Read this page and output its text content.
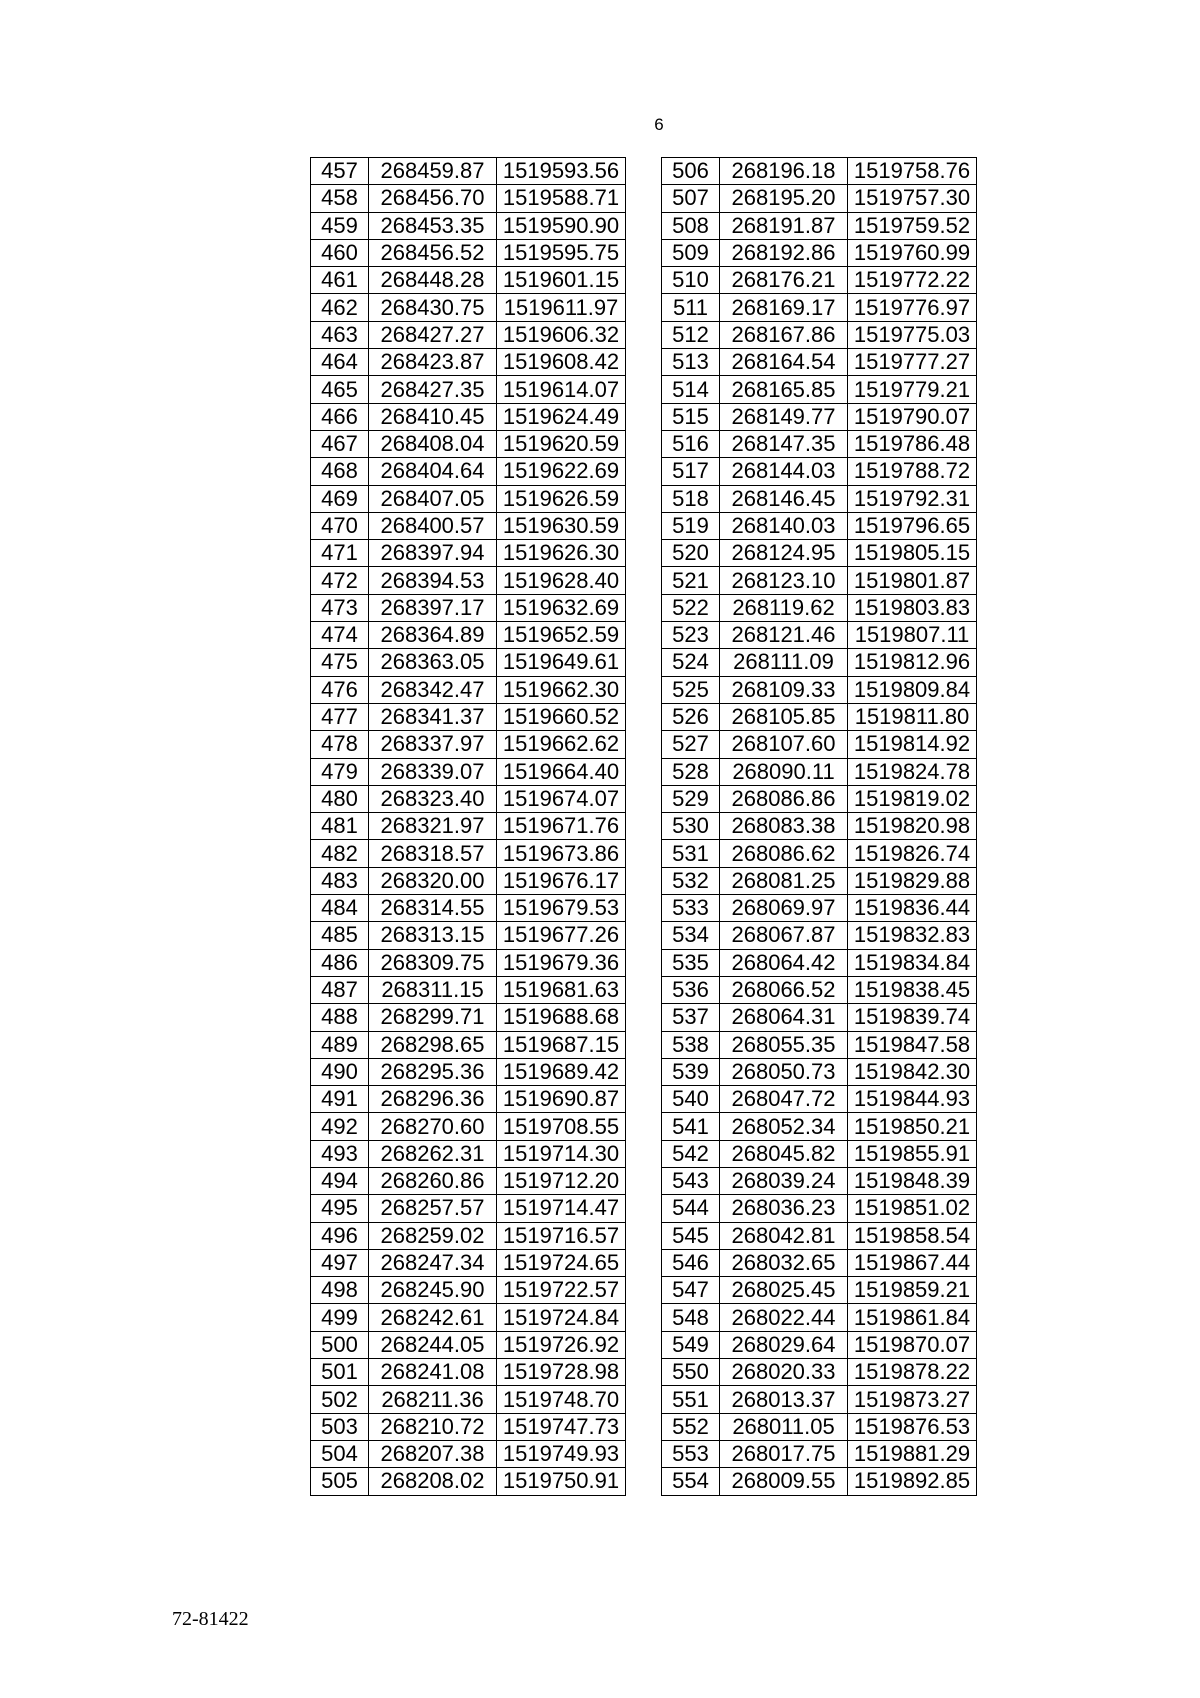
6
457	268459.87	1519593.56
458	268456.70	1519588.71
459	268453.35	1519590.90
460	268456.52	1519595.75
461	268448.28	1519601.15
462	268430.75	1519611.97
463	268427.27	1519606.32
464	268423.87	1519608.42
465	268427.35	1519614.07
466	268410.45	1519624.49
467	268408.04	1519620.59
468	268404.64	1519622.69
469	268407.05	1519626.59
470	268400.57	1519630.59
471	268397.94	1519626.30
472	268394.53	1519628.40
473	268397.17	1519632.69
474	268364.89	1519652.59
475	268363.05	1519649.61
476	268342.47	1519662.30
477	268341.37	1519660.52
478	268337.97	1519662.62
479	268339.07	1519664.40
480	268323.40	1519674.07
481	268321.97	1519671.76
482	268318.57	1519673.86
483	268320.00	1519676.17
484	268314.55	1519679.53
485	268313.15	1519677.26
486	268309.75	1519679.36
487	268311.15	1519681.63
488	268299.71	1519688.68
489	268298.65	1519687.15
490	268295.36	1519689.42
491	268296.36	1519690.87
492	268270.60	1519708.55
493	268262.31	1519714.30
494	268260.86	1519712.20
495	268257.57	1519714.47
496	268259.02	1519716.57
497	268247.34	1519724.65
498	268245.90	1519722.57
499	268242.61	1519724.84
500	268244.05	1519726.92
501	268241.08	1519728.98
502	268211.36	1519748.70
503	268210.72	1519747.73
504	268207.38	1519749.93
505	268208.02	1519750.91
506	268196.18	1519758.76
507	268195.20	1519757.30
508	268191.87	1519759.52
509	268192.86	1519760.99
510	268176.21	1519772.22
511	268169.17	1519776.97
512	268167.86	1519775.03
513	268164.54	1519777.27
514	268165.85	1519779.21
515	268149.77	1519790.07
516	268147.35	1519786.48
517	268144.03	1519788.72
518	268146.45	1519792.31
519	268140.03	1519796.65
520	268124.95	1519805.15
521	268123.10	1519801.87
522	268119.62	1519803.83
523	268121.46	1519807.11
524	268111.09	1519812.96
525	268109.33	1519809.84
526	268105.85	1519811.80
527	268107.60	1519814.92
528	268090.11	1519824.78
529	268086.86	1519819.02
530	268083.38	1519820.98
531	268086.62	1519826.74
532	268081.25	1519829.88
533	268069.97	1519836.44
534	268067.87	1519832.83
535	268064.42	1519834.84
536	268066.52	1519838.45
537	268064.31	1519839.74
538	268055.35	1519847.58
539	268050.73	1519842.30
540	268047.72	1519844.93
541	268052.34	1519850.21
542	268045.82	1519855.91
543	268039.24	1519848.39
544	268036.23	1519851.02
545	268042.81	1519858.54
546	268032.65	1519867.44
547	268025.45	1519859.21
548	268022.44	1519861.84
549	268029.64	1519870.07
550	268020.33	1519878.22
551	268013.37	1519873.27
552	268011.05	1519876.53
553	268017.75	1519881.29
554	268009.55	1519892.85
72-81422
